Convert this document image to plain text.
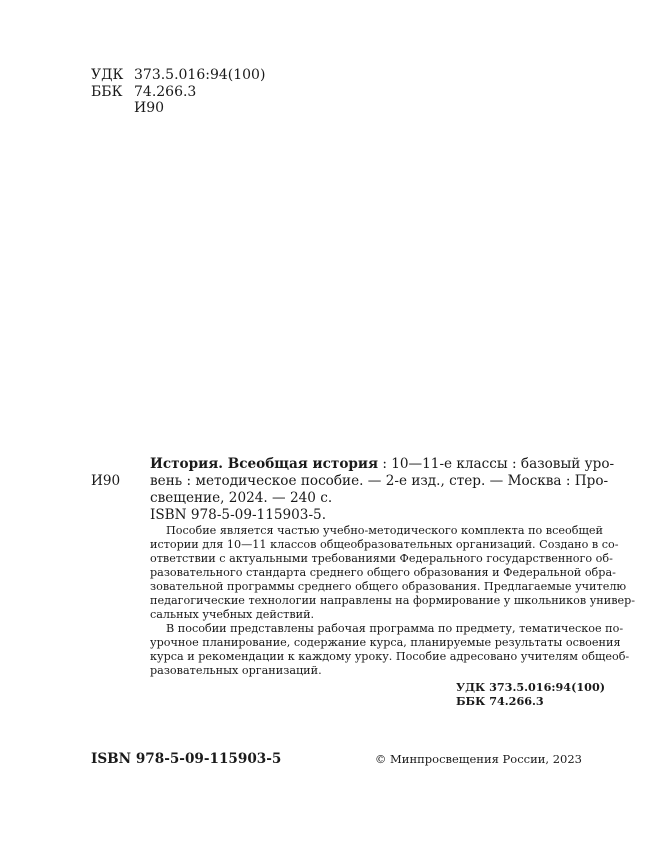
УДК 373.5.016:94(100)
ББК 74.266.3
И90
И90
История. Всеобщая история : 10—11-е классы : базовый уро-
вень : методическое пособие. — 2-е изд., стер. — Москва : Про-
свещение, 2024. — 240 с.
ISBN 978-5-09-115903-5.
Пособие является частью учебно-методического комплекта по всеобщей
истории для 10—11 классов общеобразовательных организаций. Создано в со-
ответствии с актуальными требованиями Федерального государственного об-
разовательного стандарта среднего общего образования и Федеральной обра-
зовательной программы среднего общего образования. Предлагаемые учителю
педагогические технологии направлены на формирование у школьников универ-
сальных учебных действий.
В пособии представлены рабочая программа по предмету, тематическое по-
урочное планирование, содержание курса, планируемые результаты освоения
курса и рекомендации к каждому уроку. Пособие адресовано учителям общеоб-
разовательных организаций.
УДК 373.5.016:94(100)
ББК 74.266.3
ISBN 978-5-09-115903-5	© Минпросвещения России, 2023
